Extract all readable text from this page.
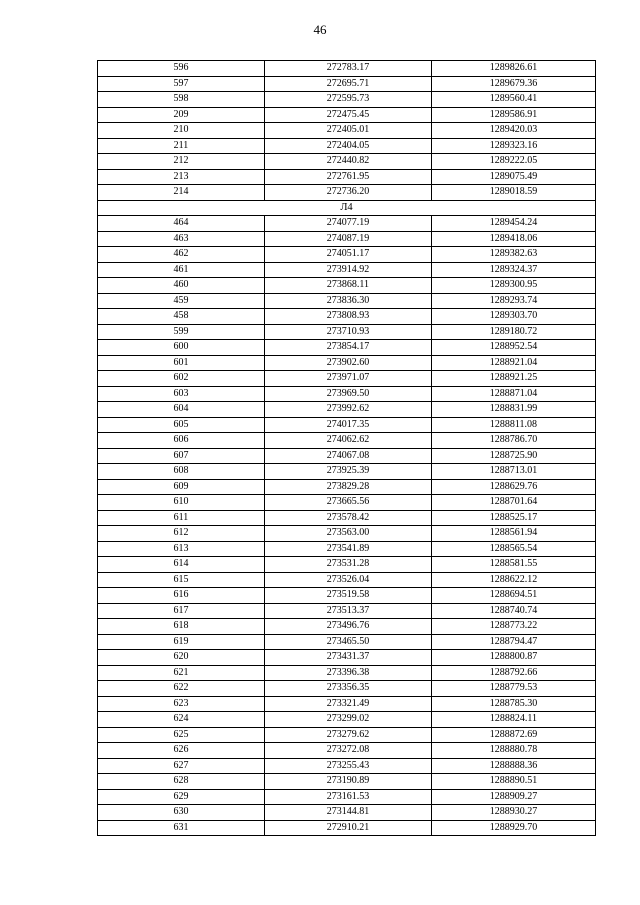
46
596	272783.17	1289826.61
597	272695.71	1289679.36
598	272595.73	1289560.41
209	272475.45	1289586.91
210	272405.01	1289420.03
211	272404.05	1289323.16
212	272440.82	1289222.05
213	272761.95	1289075.49
214	272736.20	1289018.59
Л4		
464	274077.19	1289454.24
463	274087.19	1289418.06
462	274051.17	1289382.63
461	273914.92	1289324.37
460	273868.11	1289300.95
459	273836.30	1289293.74
458	273808.93	1289303.70
599	273710.93	1289180.72
600	273854.17	1288952.54
601	273902.60	1288921.04
602	273971.07	1288921.25
603	273969.50	1288871.04
604	273992.62	1288831.99
605	274017.35	1288811.08
606	274062.62	1288786.70
607	274067.08	1288725.90
608	273925.39	1288713.01
609	273829.28	1288629.76
610	273665.56	1288701.64
611	273578.42	1288525.17
612	273563.00	1288561.94
613	273541.89	1288565.54
614	273531.28	1288581.55
615	273526.04	1288622.12
616	273519.58	1288694.51
617	273513.37	1288740.74
618	273496.76	1288773.22
619	273465.50	1288794.47
620	273431.37	1288800.87
621	273396.38	1288792.66
622	273356.35	1288779.53
623	273321.49	1288785.30
624	273299.02	1288824.11
625	273279.62	1288872.69
626	273272.08	1288880.78
627	273255.43	1288888.36
628	273190.89	1288890.51
629	273161.53	1288909.27
630	273144.81	1288930.27
631	272910.21	1288929.70
